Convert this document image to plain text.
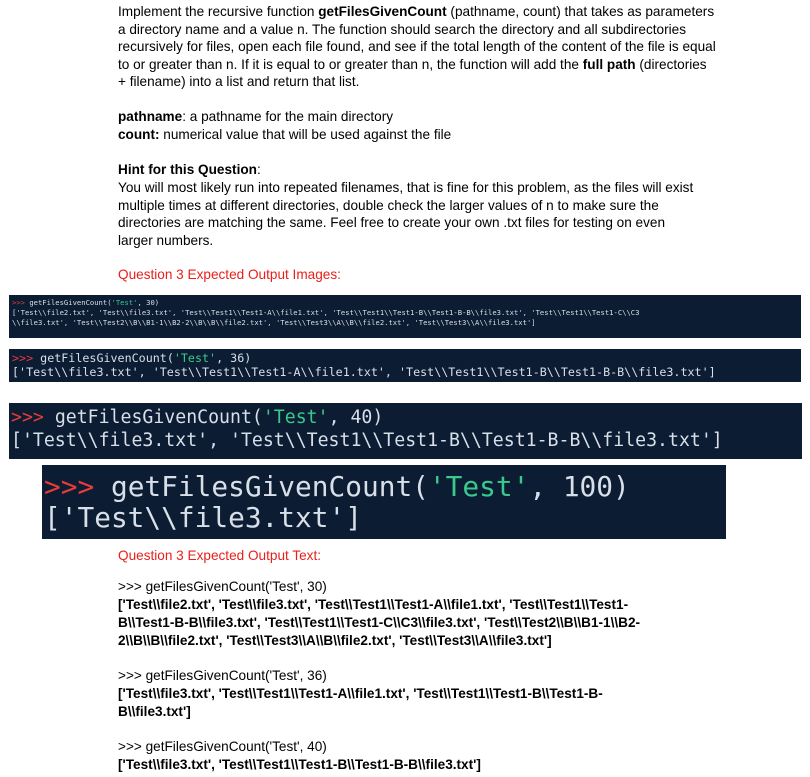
Implement the recursive function getFilesGivenCount (pathname, count) that takes as parameters a directory name and a value n. The function should search the directory and all subdirectories recursively for files, open each file found, and see if the total length of the content of the file is equal to or greater than n. If it is equal to or greater than n, the function will add the full path (directories + filename) into a list and return that list.

pathname: a pathname for the main directory

count: numerical value that will be used against the file

Hint for this Question:

You will most likely run into repeated filenames, that is fine for this problem, as the files will exist multiple times at different directories, double check the larger values of n to make sure the directories are matching the same. Feel free to create your own .txt files for testing on even larger numbers.

Question 3 Expected Output Images:

>>> getFilesGivenCount('Test', 30)
['Test\\file2.txt', 'Test\\file3.txt', 'Test\\Test1\\Test1-A\\file1.txt', 'Test\\Test1\\Test1-B\\Test1-B-B\\file3.txt', 'Test\\Test1\\Test1-C\\C3
\\file3.txt', 'Test\\Test2\\B\\B1-1\\B2-2\\B\\B\\file2.txt', 'Test\\Test3\\A\\B\\file2.txt', 'Test\\Test3\\A\\file3.txt']
>>> getFilesGivenCount('Test', 36)
['Test\\file3.txt', 'Test\\Test1\\Test1-A\\file1.txt', 'Test\\Test1\\Test1-B\\Test1-B-B\\file3.txt']
>>> getFilesGivenCount('Test', 40)
['Test\\file3.txt', 'Test\\Test1\\Test1-B\\Test1-B-B\\file3.txt']
>>> getFilesGivenCount('Test', 100)
['Test\\file3.txt']
Question 3 Expected Output Text:

>>> getFilesGivenCount('Test', 30)

['Test\\file2.txt', 'Test\\file3.txt', 'Test\\Test1\\Test1-A\\file1.txt', 'Test\\Test1\\Test1-

B\\Test1-B-B\\file3.txt', 'Test\\Test1\\Test1-C\\C3\\file3.txt', 'Test\\Test2\\B\\B1-1\\B2-

2\\B\\B\\file2.txt', 'Test\\Test3\\A\\B\\file2.txt', 'Test\\Test3\\A\\file3.txt']

>>> getFilesGivenCount('Test', 36)

['Test\\file3.txt', 'Test\\Test1\\Test1-A\\file1.txt', 'Test\\Test1\\Test1-B\\Test1-B-

B\\file3.txt']

>>> getFilesGivenCount('Test', 40)

['Test\\file3.txt', 'Test\\Test1\\Test1-B\\Test1-B-B\\file3.txt']
